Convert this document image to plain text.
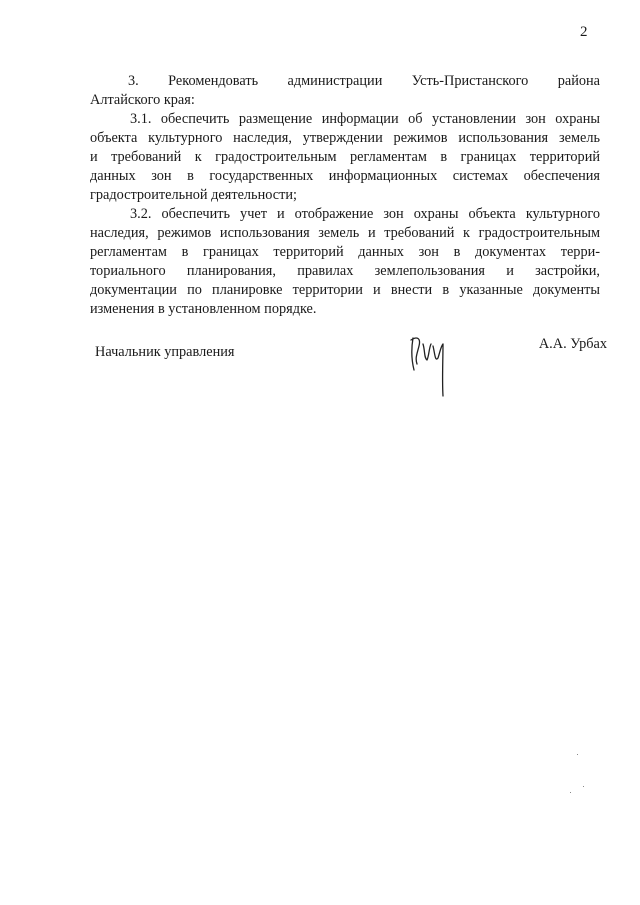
2
3. Рекомендовать администрации Усть-Пристанского района
Алтайского края:
3.1. обеспечить размещение информации об установлении зон охраны
объекта культурного наследия, утверждении режимов использования земель
и требований к градостроительным регламентам в границах территорий
данных зон в государственных информационных системах обеспечения
градостроительной деятельности;
3.2. обеспечить учет и отображение зон охраны объекта культурного
наследия, режимов использования земель и требований к градостроительным
регламентам в границах территорий данных зон в документах терри-
ториального планирования, правилах землепользования и застройки,
документации по планировке территории и внести в указанные документы
изменения в установленном порядке.
Начальник управления	А.А. Урбах
